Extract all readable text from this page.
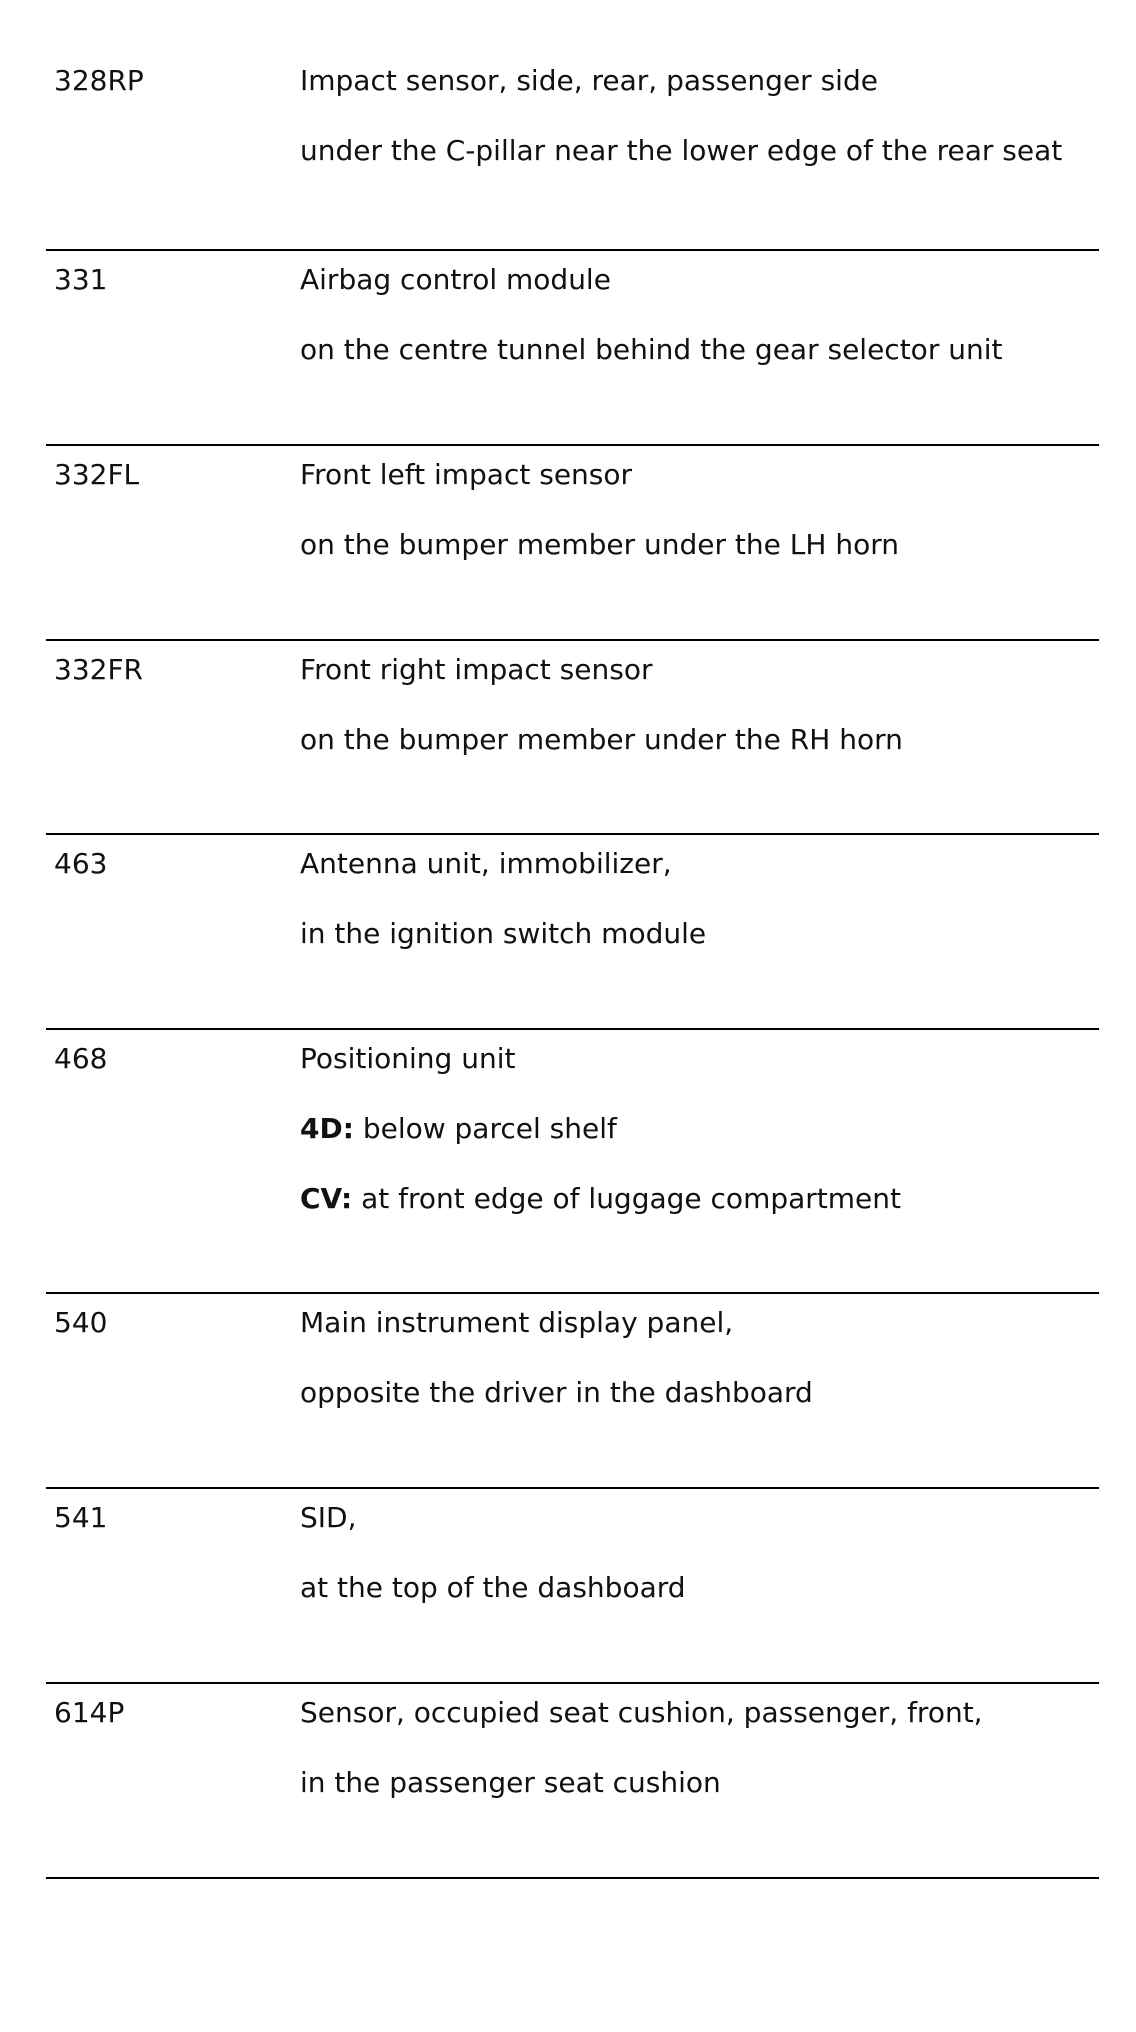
328RP	Impact sensor, side, rear, passenger side
under the C-pillar near the lower edge of the rear seat
331	Airbag control module
on the centre tunnel behind the gear selector unit
332FL	Front left impact sensor
on the bumper member under the LH horn
332FR	Front right impact sensor
on the bumper member under the RH horn
463	Antenna unit, immobilizer,
in the ignition switch module
468	Positioning unit
4D: below parcel shelf
CV: at front edge of luggage compartment
540	Main instrument display panel,
opposite the driver in the dashboard
541	SID,
at the top of the dashboard
614P	Sensor, occupied seat cushion, passenger, front,
in the passenger seat cushion
